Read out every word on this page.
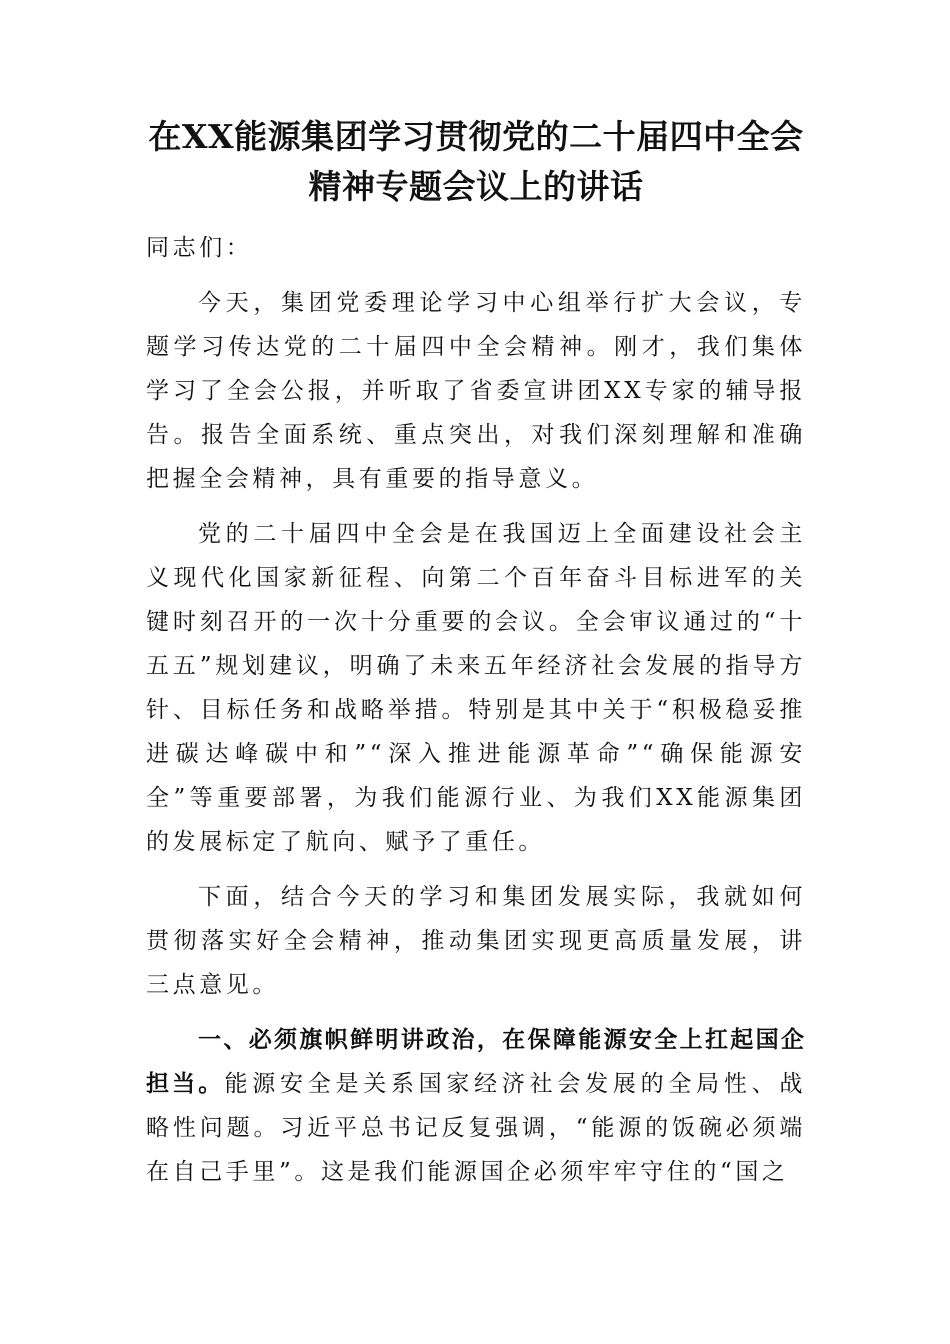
在XX能源集团学习贯彻党的二十届四中全会精神专题会议上的讲话

同志们：

今天，集团党委理论学习中心组举行扩大会议，专题学习传达党的二十届四中全会精神。刚才，我们集体学习了全会公报，并听取了省委宣讲团XX专家的辅导报告。报告全面系统、重点突出，对我们深刻理解和准确把握全会精神，具有重要的指导意义。

党的二十届四中全会是在我国迈上全面建设社会主义现代化国家新征程、向第二个百年奋斗目标进军的关键时刻召开的一次十分重要的会议。全会审议通过的“十五五”规划建议，明确了未来五年经济社会发展的指导方针、目标任务和战略举措。特别是其中关于“积极稳妥推进碳达峰碳中和”“深入推进能源革命”“确保能源安全”等重要部署，为我们能源行业、为我们XX能源集团的发展标定了航向、赋予了重任。

下面，结合今天的学习和集团发展实际，我就如何贯彻落实好全会精神，推动集团实现更高质量发展，讲三点意见。

一、必须旗帜鲜明讲政治，在保障能源安全上扛起国企担当。能源安全是关系国家经济社会发展的全局性、战略性问题。习近平总书记反复强调，“能源的饭碗必须端在自己手里”。这是我们能源国企必须牢牢守住的“国之
